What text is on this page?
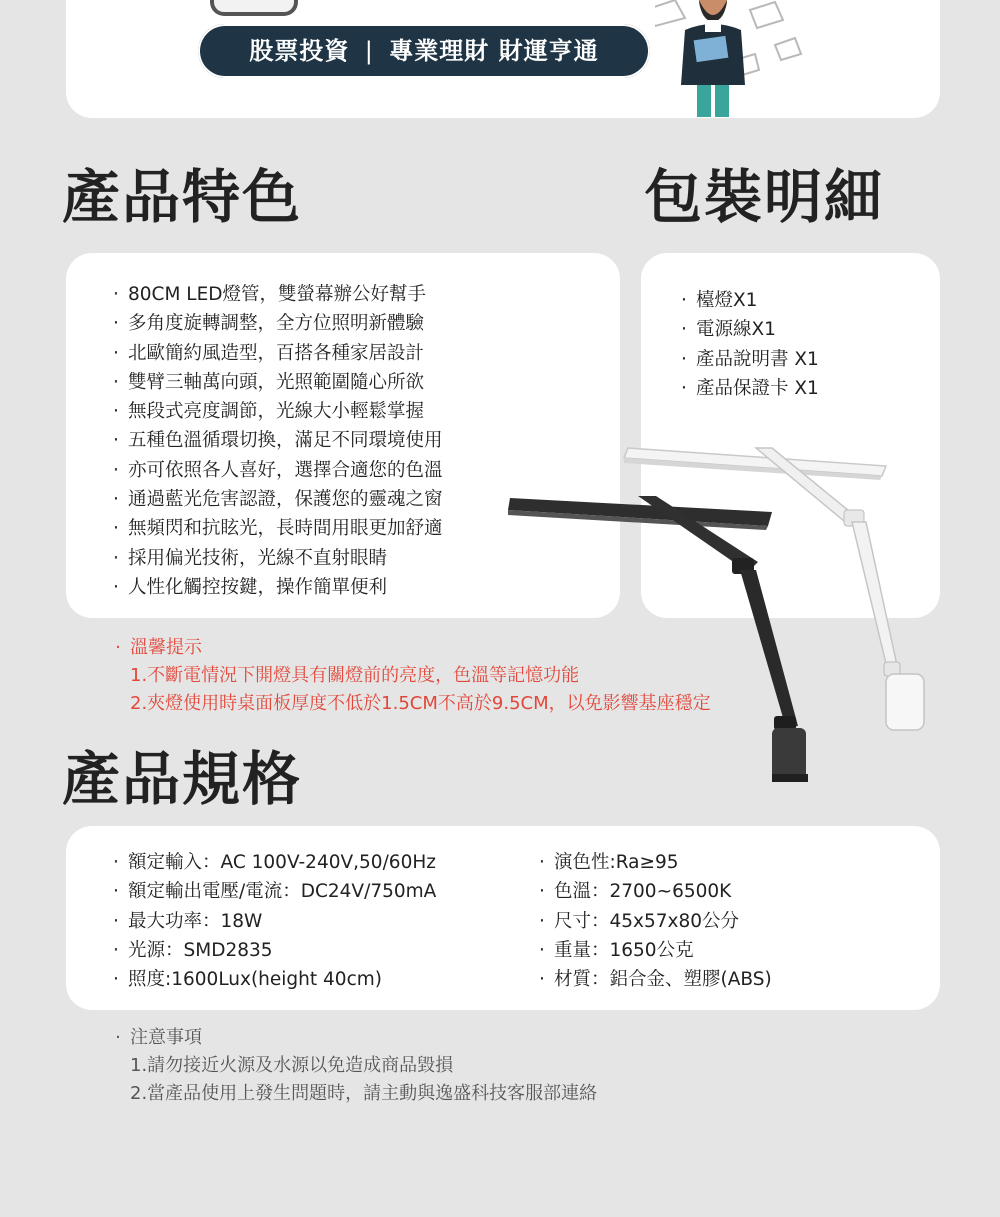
股票投資 | 專業理財 財運亨通
產品特色	包裝明細
· 80CM LED燈管，雙螢幕辦公好幫手
· 多角度旋轉調整，全方位照明新體驗
· 北歐簡約風造型，百搭各種家居設計
· 雙臂三軸萬向頭，光照範圍隨心所欲
· 無段式亮度調節，光線大小輕鬆掌握
· 五種色溫循環切換，滿足不同環境使用
· 亦可依照各人喜好，選擇合適您的色溫
· 通過藍光危害認證，保護您的靈魂之窗
· 無頻閃和抗眩光，長時間用眼更加舒適
· 採用偏光技術，光線不直射眼睛
· 人性化觸控按鍵，操作簡單便利
· 檯燈X1
· 電源線X1
· 產品說明書 X1
· 產品保證卡 X1
· 溫馨提示
1.不斷電情況下開燈具有關燈前的亮度，色溫等記憶功能
2.夾燈使用時桌面板厚度不低於1.5CM不高於9.5CM，以免影響基座穩定
產品規格
· 額定輸入：AC 100V-240V,50/60Hz
· 額定輸出電壓/電流：DC24V/750mA
· 最大功率：18W
· 光源：SMD2835
· 照度:1600Lux(height 40cm)
· 演色性:Ra≥95
· 色溫：2700~6500K
· 尺寸：45x57x80公分
· 重量：1650公克
· 材質：鋁合金、塑膠(ABS)
· 注意事項
1.請勿接近火源及水源以免造成商品毀損
2.當產品使用上發生問題時，請主動與逸盛科技客服部連絡
